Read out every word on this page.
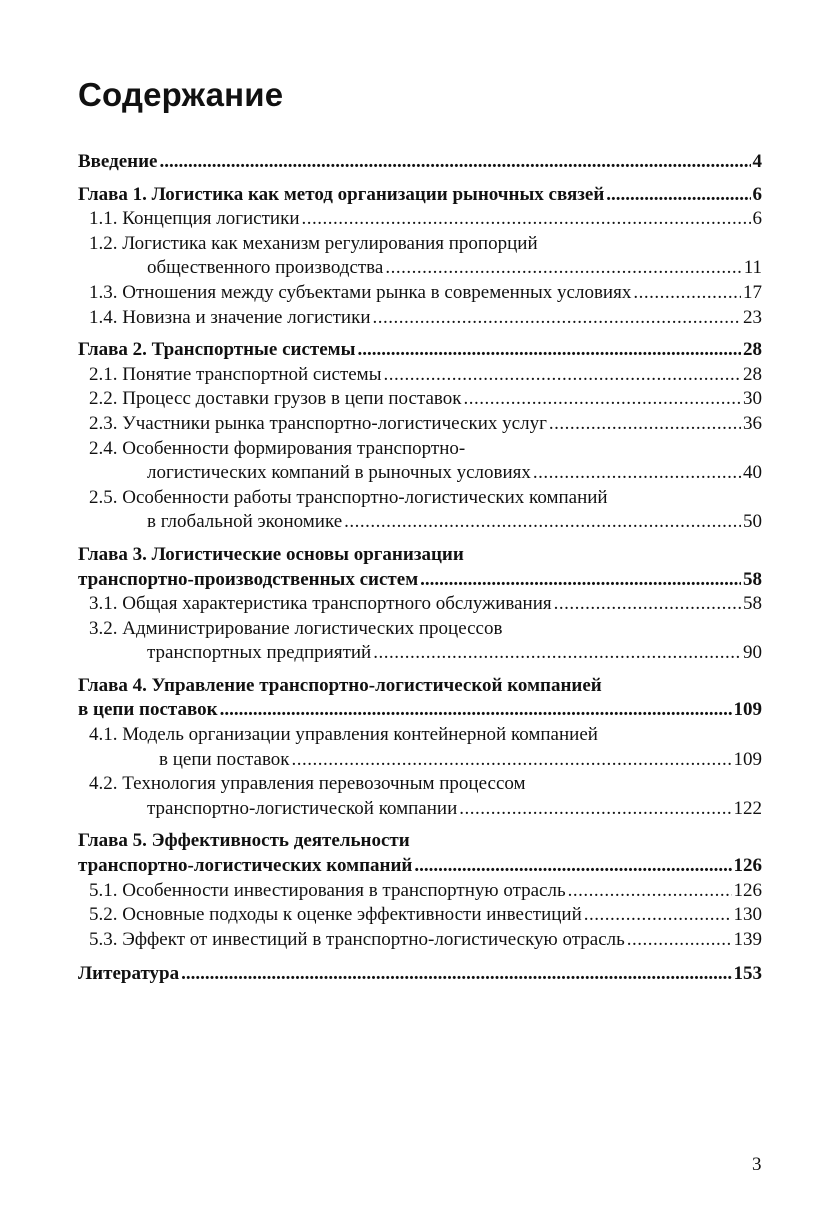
Содержание
Введение .....	4
Глава 1. Логистика как метод организации рыночных связей .....	6
1.1. Концепция логистики .....	6
1.2. Логистика как механизм регулирования пропорций
общественного производства .....	11
1.3. Отношения между субъектами рынка в современных условиях .....	17
1.4. Новизна и значение логистики .....	23
Глава 2. Транспортные системы .....	28
2.1. Понятие транспортной системы .....	28
2.2. Процесс доставки грузов в цепи поставок .....	30
2.3. Участники рынка транспортно-логистических услуг .....	36
2.4. Особенности формирования транспортно-
логистических компаний в рыночных условиях .....	40
2.5. Особенности работы транспортно-логистических компаний
в глобальной экономике .....	50
Глава 3. Логистические основы организации
транспортно-производственных систем .....	58
3.1. Общая характеристика транспортного обслуживания .....	58
3.2. Администрирование логистических процессов
транспортных предприятий .....	90
Глава 4. Управление транспортно-логистической компанией
в цепи поставок .....	109
4.1. Модель организации управления контейнерной компанией
в цепи поставок .....	109
4.2. Технология управления перевозочным процессом
транспортно-логистической компании .....	122
Глава 5. Эффективность деятельности
транспортно-логистических компаний .....	126
5.1. Особенности инвестирования в транспортную отрасль .....	126
5.2. Основные подходы к оценке эффективности инвестиций .....	130
5.3. Эффект от инвестиций в транспортно-логистическую отрасль .....	139
Литература .....	153
3
